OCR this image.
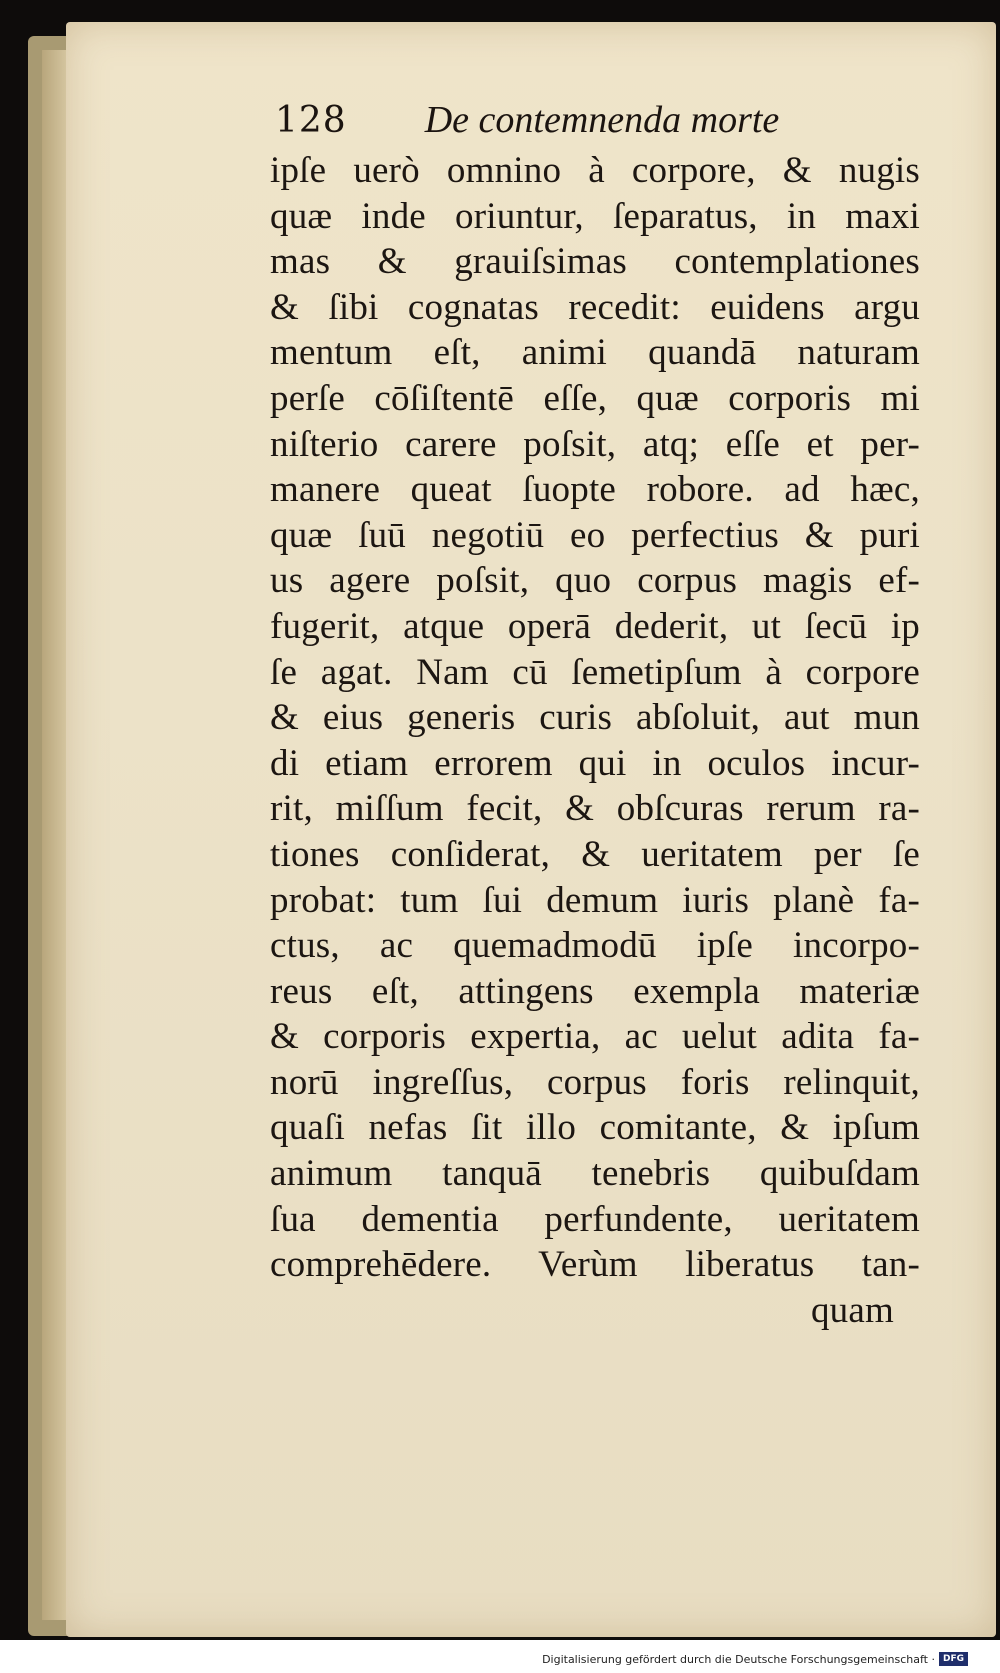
128 De contemnenda morte
ipſe uerò omnino à corpore, & nugis
quæ inde oriuntur, ſeparatus, in maxi
mas & grauiſsimas contemplationes
& ſibi cognatas recedit: euidens argu
mentum eſt, animi quandā naturam
perſe cōſiſtentē eſſe, quæ corporis mi
niſterio carere poſsit, atq; eſſe et per-
manere queat ſuopte robore. ad hæc,
quæ ſuū negotiū eo perfectius & puri
us agere poſsit, quo corpus magis ef-
fugerit, atque operā dederit, ut ſecū ip
ſe agat. Nam cū ſemetipſum à corpore
& eius generis curis abſoluit, aut mun
di etiam errorem qui in oculos incur-
rit, miſſum fecit, & obſcuras rerum ra-
tiones conſiderat, & ueritatem per ſe
probat: tum ſui demum iuris planè fa-
ctus, ac quemadmodū ipſe incorpo-
reus eſt, attingens exempla materiæ
& corporis expertia, ac uelut adita fa-
norū ingreſſus, corpus foris relinquit,
quaſi nefas ſit illo comitante, & ipſum
animum tanquā tenebris quibuſdam
ſua dementia perfundente, ueritatem
comprehēdere. Verùm liberatus tan-
quam
Digitalisierung gefördert durch die Deutsche Forschungsgemeinschaft · DFG
